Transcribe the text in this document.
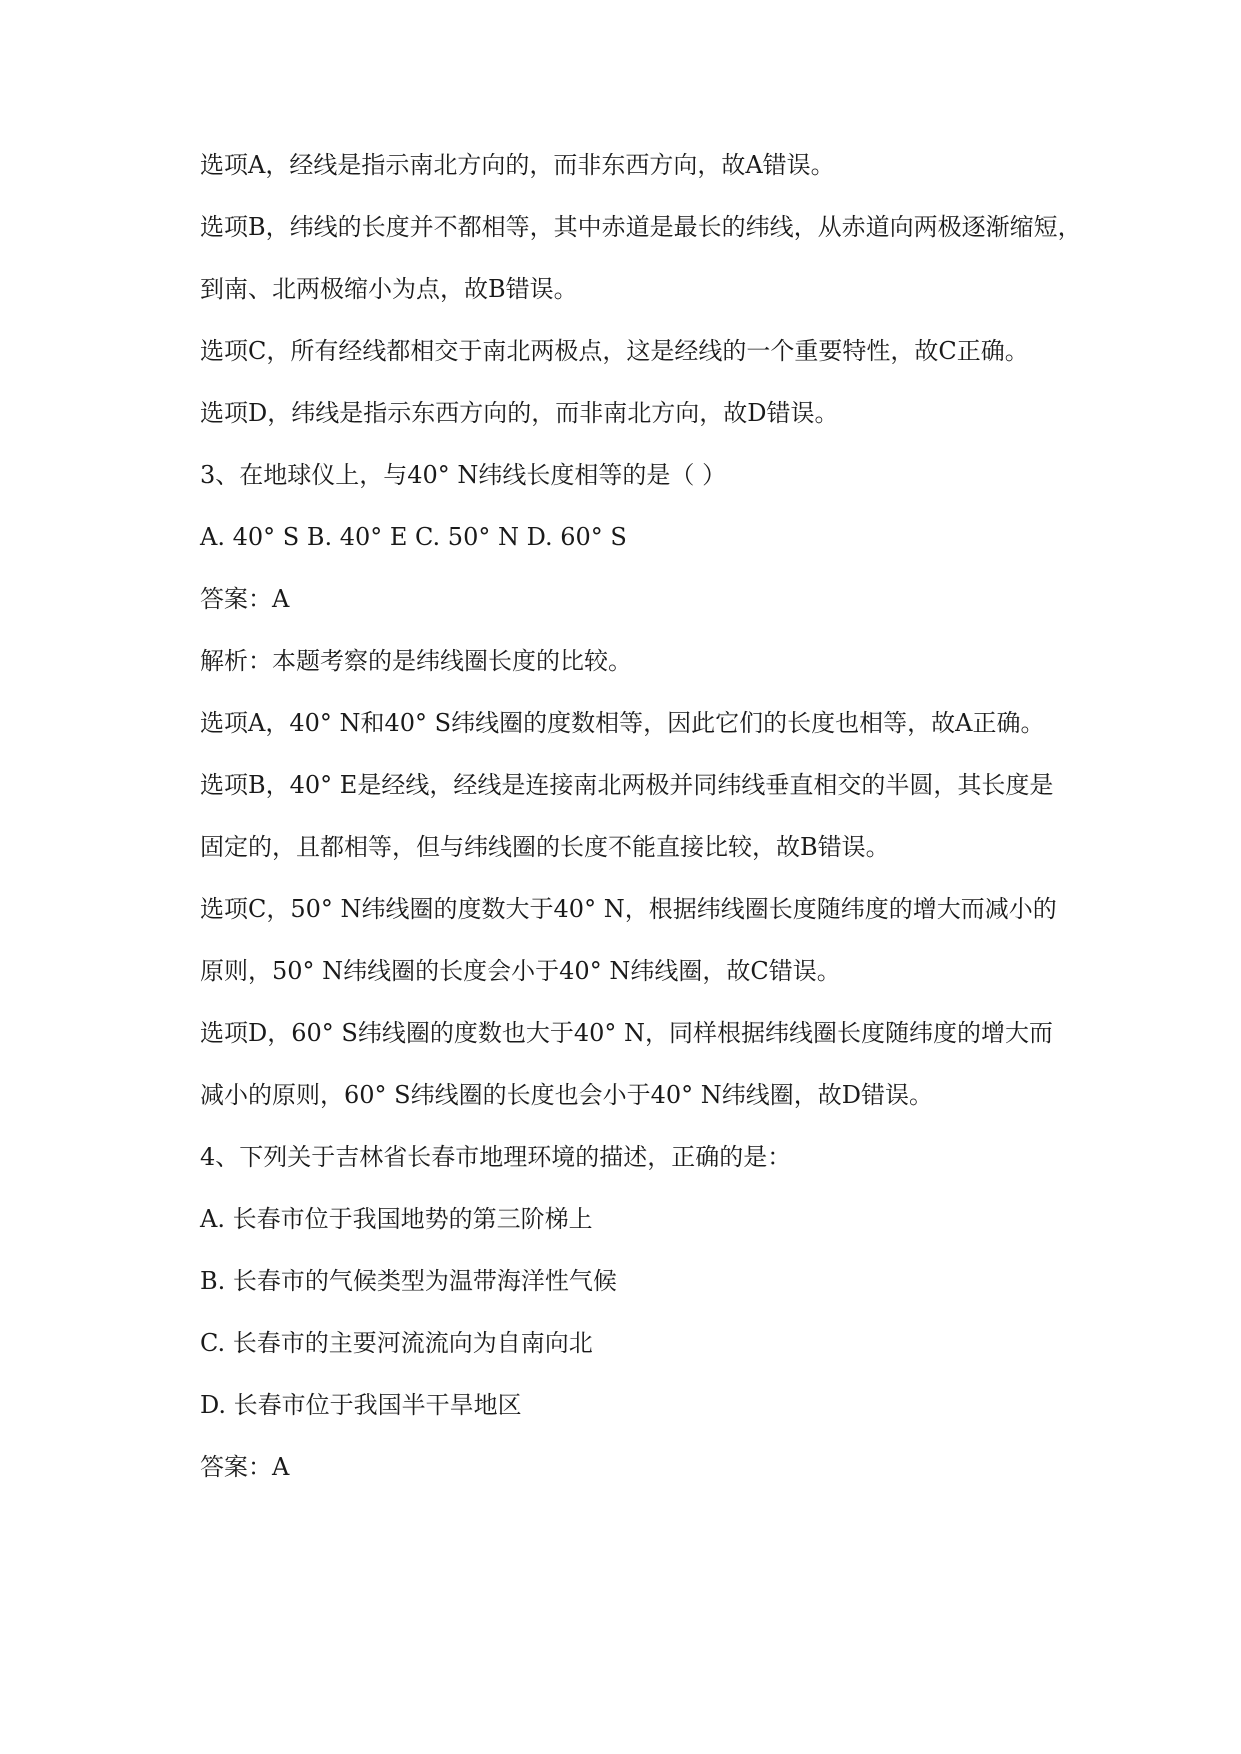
选项A，经线是指示南北方向的，而非东西方向，故A错误。
选项B，纬线的长度并不都相等，其中赤道是最长的纬线，从赤道向两极逐渐缩短，
到南、北两极缩小为点，故B错误。
选项C，所有经线都相交于南北两极点，这是经线的一个重要特性，故C正确。
选项D，纬线是指示东西方向的，而非南北方向，故D错误。
3、在地球仪上，与40° N纬线长度相等的是（ ）
A. 40° S B. 40° E C. 50° N D. 60° S
答案：A
解析：本题考察的是纬线圈长度的比较。
选项A，40° N和40° S纬线圈的度数相等，因此它们的长度也相等，故A正确。
选项B，40° E是经线，经线是连接南北两极并同纬线垂直相交的半圆，其长度是
固定的，且都相等，但与纬线圈的长度不能直接比较，故B错误。
选项C，50° N纬线圈的度数大于40° N，根据纬线圈长度随纬度的增大而减小的
原则，50° N纬线圈的长度会小于40° N纬线圈，故C错误。
选项D，60° S纬线圈的度数也大于40° N，同样根据纬线圈长度随纬度的增大而
减小的原则，60° S纬线圈的长度也会小于40° N纬线圈，故D错误。
4、下列关于吉林省长春市地理环境的描述，正确的是：
A. 长春市位于我国地势的第三阶梯上
B. 长春市的气候类型为温带海洋性气候
C. 长春市的主要河流流向为自南向北
D. 长春市位于我国半干旱地区
答案：A
